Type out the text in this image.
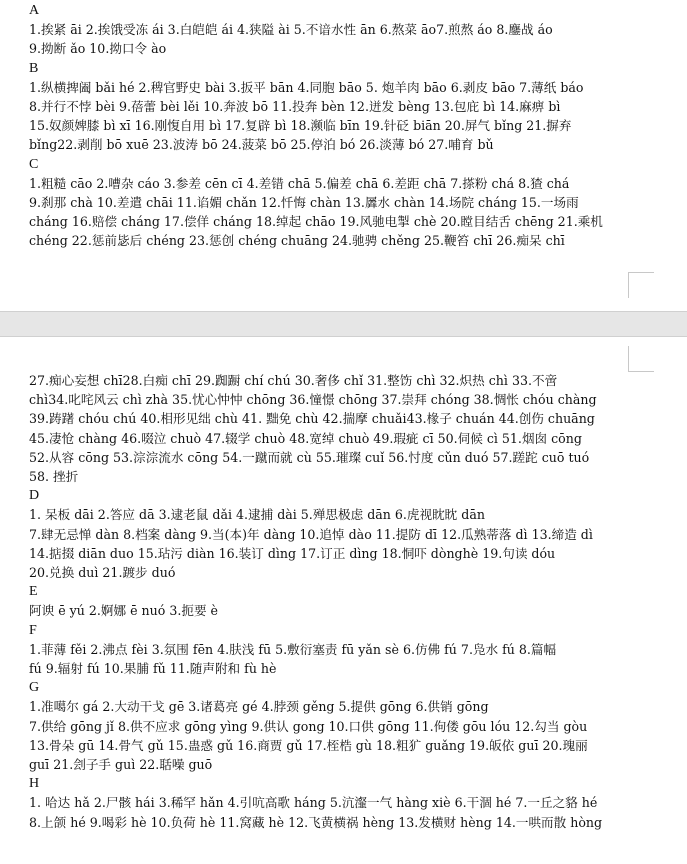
A
1.挨紧 āi 2.挨饿受冻 ái 3.白皑皑 ái 4.狭隘 ài 5.不谙水性 ān 6.熬菜 āo7.煎熬 áo 8.鏖战 áo
9.拗断 ǎo 10.拗口令 ào
B
1.纵横捭阖 bǎi hé 2.稗官野史 bài 3.扳平 bān 4.同胞 bāo 5. 炮羊肉 bāo 6.剥皮 bāo 7.薄纸 báo
8.并行不悖 bèi 9.蓓蕾 bèi lěi 10.奔波 bō 11.投奔 bèn 12.迸发 bèng 13.包庇 bì 14.麻痹 bì
15.奴颜婢膝 bì xī 16.刚愎自用 bì 17.复辟 bì 18.濒临 bīn 19.针砭 biān 20.屏气 bǐng 21.摒弃
bǐng22.剥削 bō xuē 23.波涛 bō 24.菠菜 bō 25.停泊 bó 26.淡薄 bó 27.哺育 bǔ
C
1.粗糙 cāo 2.嘈杂 cáo 3.参差 cēn cī 4.差错 chā 5.偏差 chā 6.差距 chā 7.搽粉 chá 8.猹 chá
9.刹那 chà 10.差遣 chāi 11.谄媚 chǎn 12.忏悔 chàn 13.羼水 chàn 14.场院 cháng 15.一场雨
cháng 16.赔偿 cháng 17.偿佯 cháng 18.绰起 chāo 19.风驰电掣 chè 20.瞠目结舌 chēng 21.乘机
chéng 22.惩前毖后 chéng 23.惩创 chéng chuāng 24.驰骋 chěng 25.鞭笞 chī 26.痴呆 chī
27.痴心妄想 chī28.白痴 chī 29.踟蹰 chí chú 30.奢侈 chǐ 31.整饬 chì 32.炽热 chì 33.不啻
chì34.叱咤风云 chì zhà 35.忧心忡忡 chōng 36.憧憬 chōng 37.崇拜 chóng 38.惆怅 chóu chàng
39.踌躇 chóu chú 40.相形见绌 chù 41. 黜免 chù 42.揣摩 chuǎi43.椽子 chuán 44.创伤 chuāng
45.凄怆 chàng 46.啜泣 chuò 47.辍学 chuò 48.宽绰 chuò 49.瑕疵 cī 50.伺候 cì 51.烟囱 cōng
52.从容 cōng 53.淙淙流水 cōng 54.一蹴而就 cù 55.璀璨 cuǐ 56.忖度 cǔn duó 57.蹉跎 cuō tuó
58. 挫折
D
1. 呆板 dāi 2.答应 dā 3.逮老鼠 dǎi 4.逮捕 dài 5.殚思极虑 dān 6.虎视眈眈 dān
7.肆无忌惮 dàn 8.档案 dàng 9.当(本)年 dàng 10.追悼 dào 11.提防 dī 12.瓜熟蒂落 dì 13.缔造 dì
14.掂掇 diān duo 15.玷污 diàn 16.装订 dìng 17.订正 dìng 18.恫吓 dònghè 19.句读 dóu
20.兑换 duì 21.踱步 duó
E
阿谀 ē yú 2.婀娜 ē nuó 3.扼要 è
F
1.菲薄 fěi 2.沸点 fèi 3.氛围 fēn 4.肤浅 fū 5.敷衍塞责 fū yǎn sè 6.仿佛 fú 7.凫水 fú 8.篇幅
fú 9.辐射 fú 10.果脯 fǔ 11.随声附和 fù hè
G
1.准噶尔 gá 2.大动干戈 gē 3.诸葛亮 gé 4.脖颈 gěng 5.提供 gōng 6.供销 gōng
7.供给 gōng jǐ 8.供不应求 gōng yìng 9.供认 gong 10.口供 gōng 11.佝偻 gōu lóu 12.勾当 gòu
13.骨朵 gū 14.骨气 gǔ 15.蛊惑 gǔ 16.商贾 gǔ 17.桎梏 gù 18.粗犷 guǎng 19.皈依 guī 20.瑰丽
guī 21.刽子手 guì 22.聒噪 guō
H
1. 哈达 hǎ 2.尸骸 hái 3.稀罕 hǎn 4.引吭高歌 háng 5.沆瀣一气 hàng xiè 6.干涸 hé 7.一丘之貉 hé
8.上颌 hé 9.喝彩 hè 10.负荷 hè 11.窝藏 hè 12.飞黄横祸 hèng 13.发横财 hèng 14.一哄而散 hòng
